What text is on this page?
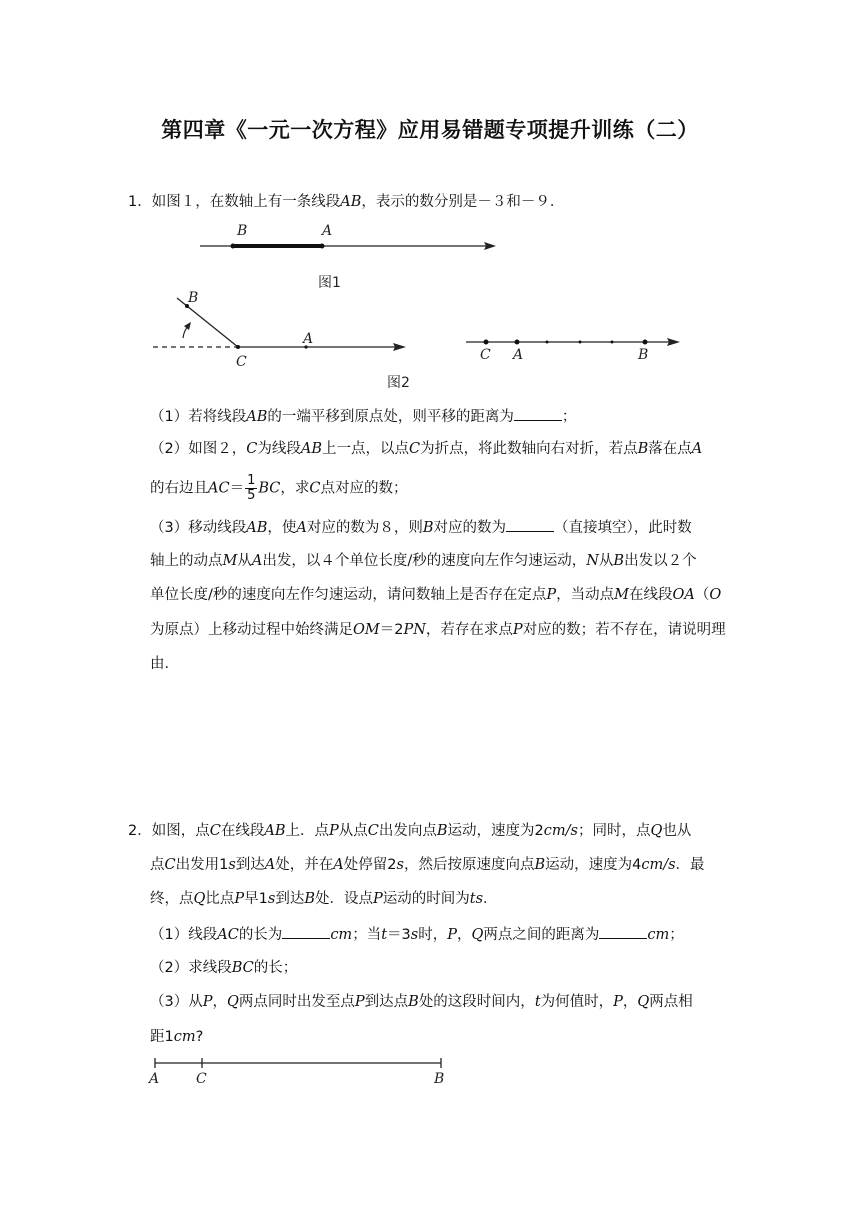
第四章《一元一次方程》应用易错题专项提升训练（二）
1．如图１，在数轴上有一条线段AB，表示的数分别是－３和－９．
B	A
图1
B
C
A
C A	B
图2
（1）若将线段AB的一端平移到原点处，则平移的距离为	；
（2）如图２，C为线段AB上一点，以点C为折点，将此数轴向右对折，若点B落在点A
的右边且$AC= \frac{1}{5}$ BC，求C点对应的数；
（3）移动线段AB，使A对应的数为８，则B对应的数为	（直接填空），此时数
轴上的动点M从A出发，以４个单位长度/秒的速度向左作匀速运动，N从B出发以２个
单位长度/秒的速度向左作匀速运动，请问数轴上是否存在定点P，当动点M在线段OA（O
为原点）上移动过程中始终满足OM＝2PN，若存在求点P对应的数；若不存在，请说明理
由．
2．如图，点C在线段AB上．点P从点C出发向点B运动，速度为2cm/s；同时，点Q也从
点C出发用1s到达A处，并在A处停留2s，然后按原速度向点B运动，速度为4cm/s．最
终，点Q比点P早1s到达B处．设点P运动的时间为ts．
（1）线段AC的长为	cm；当t＝3s时，P，Q两点之间的距离为	cm；
（2）求线段BC的长；
（3）从P，Q两点同时出发至点P到达点B处的这段时间内，t为何值时，P，Q两点相
距1cm?
A	C	B
